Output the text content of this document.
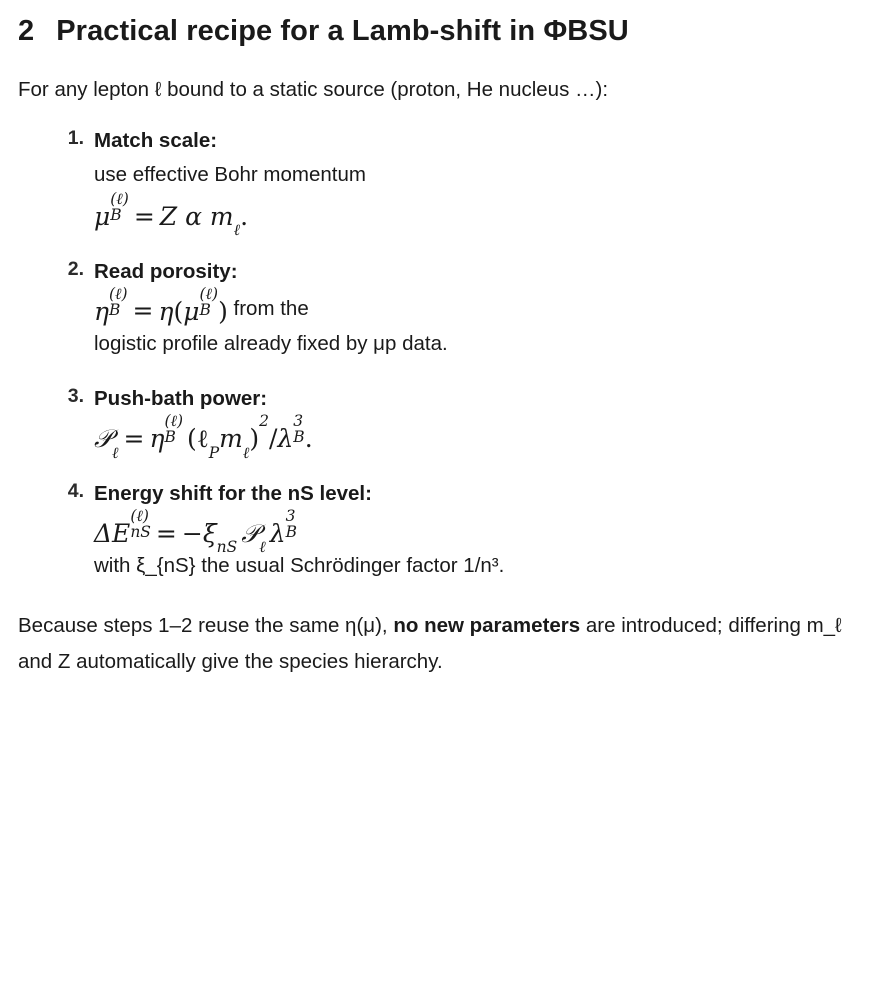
2 Practical recipe for a Lamb-shift in ΦBSU

For any lepton ℓ bound to a static source (proton, He nucleus …):

1. Match scale:
use effective Bohr momentum
μ
(ℓ)
B = Z α $m_\ell$.
2. Read porosity:
η
(ℓ)
B = η(μ
(ℓ)
B ) from the
logistic profile already fixed by μp data.
3. Push-bath power:
𝒫$_\ell$ = η
(ℓ)
B $(\ell_Pm_\ell)^2/\lambda$
3
B .
4. Energy shift for the nS level:
ΔE
(ℓ)
nS = $-\xi_{nS}$ 𝒫$_\ell$ λ
3
B
with ξ_{nS} the usual Schrödinger factor 1/n³.

Because steps 1–2 reuse the same η(μ), no new parameters are introduced; differing m_ℓ and Z automatically give the species hierarchy.
